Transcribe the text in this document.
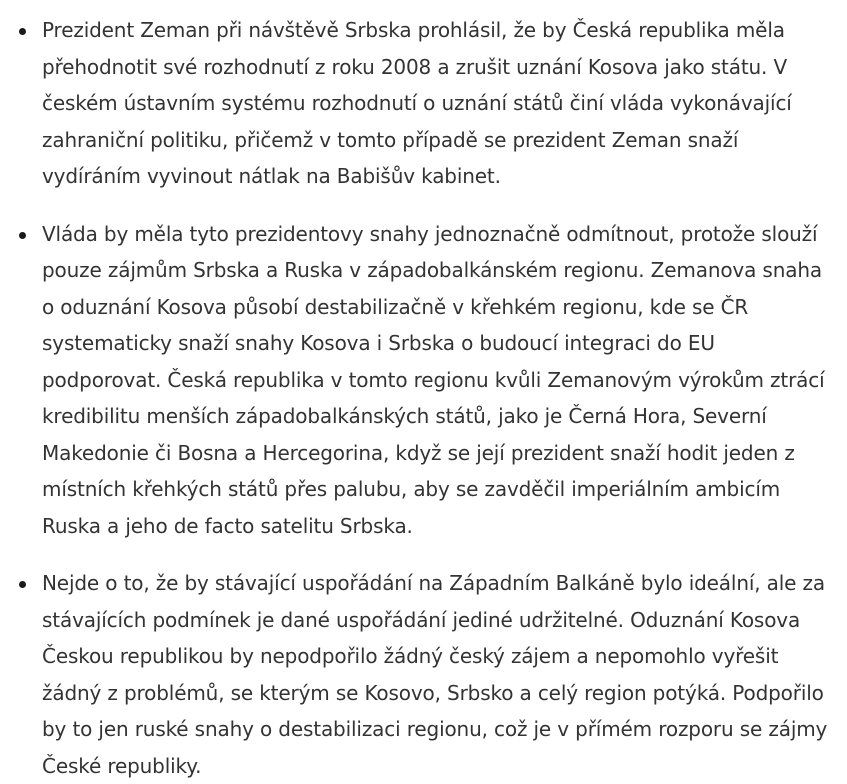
Prezident Zeman při návštěvě Srbska prohlásil, že by Česká republika měla přehodnotit své rozhodnutí z roku 2008 a zrušit uznání Kosova jako státu. V českém ústavním systému rozhodnutí o uznání států činí vláda vykonávající zahraniční politiku, přičemž v tomto případě se prezident Zeman snaží vydíráním vyvinout nátlak na Babišův kabinet.
Vláda by měla tyto prezidentovy snahy jednoznačně odmítnout, protože slouží pouze zájmům Srbska a Ruska v západobalkánském regionu. Zemanova snaha o oduznání Kosova působí destabilizačně v křehkém regionu, kde se ČR systematicky snaží snahy Kosova i Srbska o budoucí integraci do EU podporovat. Česká republika v tomto regionu kvůli Zemanovým výrokům ztrácí kredibilitu menších západobalkánských států, jako je Černá Hora, Severní Makedonie či Bosna a Hercegorina, když se její prezident snaží hodit jeden z místních křehkých států přes palubu, aby se zavděčil imperiálním ambicím Ruska a jeho de facto satelitu Srbska.
Nejde o to, že by stávající uspořádání na Západním Balkáně bylo ideální, ale za stávajících podmínek je dané uspořádání jediné udržitelné. Oduznání Kosova Českou republikou by nepodpořilo žádný český zájem a nepomohlo vyřešit žádný z problémů, se kterým se Kosovo, Srbsko a celý region potýká. Podpořilo by to jen ruské snahy o destabilizaci regionu, což je v přímém rozporu se zájmy České republiky.
